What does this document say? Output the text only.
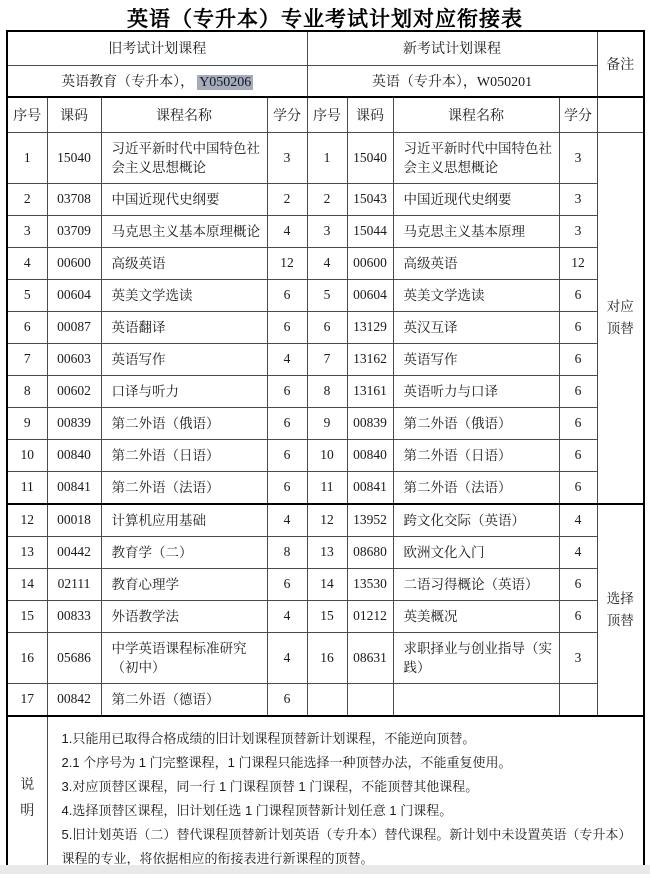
英语（专升本）专业考试计划对应衔接表
旧考试计划课程				新考试计划课程				备注
英语教育（专升本）， Y050206				英语（专升本），W050201				
序号	课码	课程名称	学分	序号	课码	课程名称	学分	
1	15040	习近平新时代中国特色社会主义思想概论	3	1	15040	习近平新时代中国特色社会主义思想概论	3	对应
顶替

2	03708	中国近现代史纲要	2	2	15043	中国近现代史纲要	3	
3	03709	马克思主义基本原理概论	4	3	15044	马克思主义基本原理	3	
4	00600	高级英语	12	4	00600	高级英语	12	
5	00604	英美文学选读	6	5	00604	英美文学选读	6	
6	00087	英语翻译	6	6	13129	英汉互译	6	
7	00603	英语写作	4	7	13162	英语写作	6	
8	00602	口译与听力	6	8	13161	英语听力与口译	6	
9	00839	第二外语（俄语）	6	9	00839	第二外语（俄语）	6	
10	00840	第二外语（日语）	6	10	00840	第二外语（日语）	6	
11	00841	第二外语（法语）	6	11	00841	第二外语（法语）	6	
12	00018	计算机应用基础	4	12	13952	跨文化交际（英语）	4	选择
顶替

13	00442	教育学（二）	8	13	08680	欧洲文化入门	4	
14	02111	教育心理学	6	14	13530	二语习得概论（英语）	6	
15	00833	外语教学法	4	15	01212	英美概况	6	
16	05686	中学英语课程标准研究（初中）	4	16	08631	求职择业与创业指导（实践）	3	
17	00842	第二外语（德语）	6					

说
明

1.只能用已取得合格成绩的旧计划课程顶替新计划课程，不能逆向顶替。
2.1 个序号为 1 门完整课程，1 门课程只能选择一种顶替办法，不能重复使用。
3.对应顶替区课程，同一行 1 门课程顶替 1 门课程，不能顶替其他课程。
4.选择顶替区课程，旧计划任选 1 门课程顶替新计划任意 1 门课程。
5.旧计划英语（二）替代课程顶替新计划英语（专升本）替代课程。新计划中未设置英语（专升本）课程的专业，将依据相应的衔接表进行新课程的顶替。
